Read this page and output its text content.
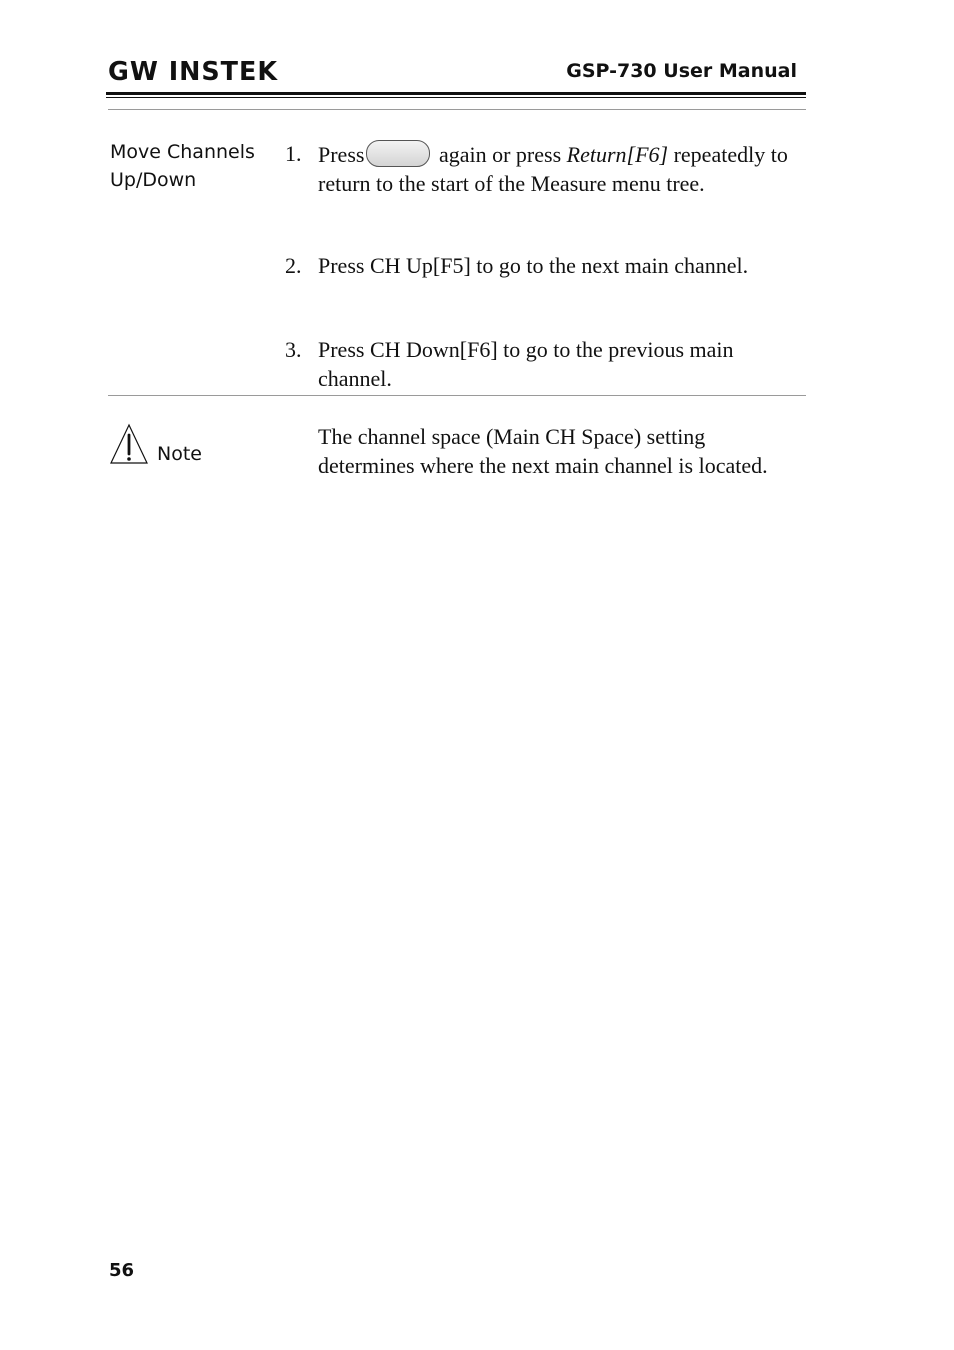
GW INSTEK	GSP-730 User Manual
Move Channels Up/Down
1. Press	again or press Return[F6] repeatedly to return to the start of the Measure menu tree.
2. Press CH Up[F5] to go to the next main channel.
3. Press CH Down[F6] to go to the previous main channel.
Note
The channel space (Main CH Space) setting determines where the next main channel is located.
56
